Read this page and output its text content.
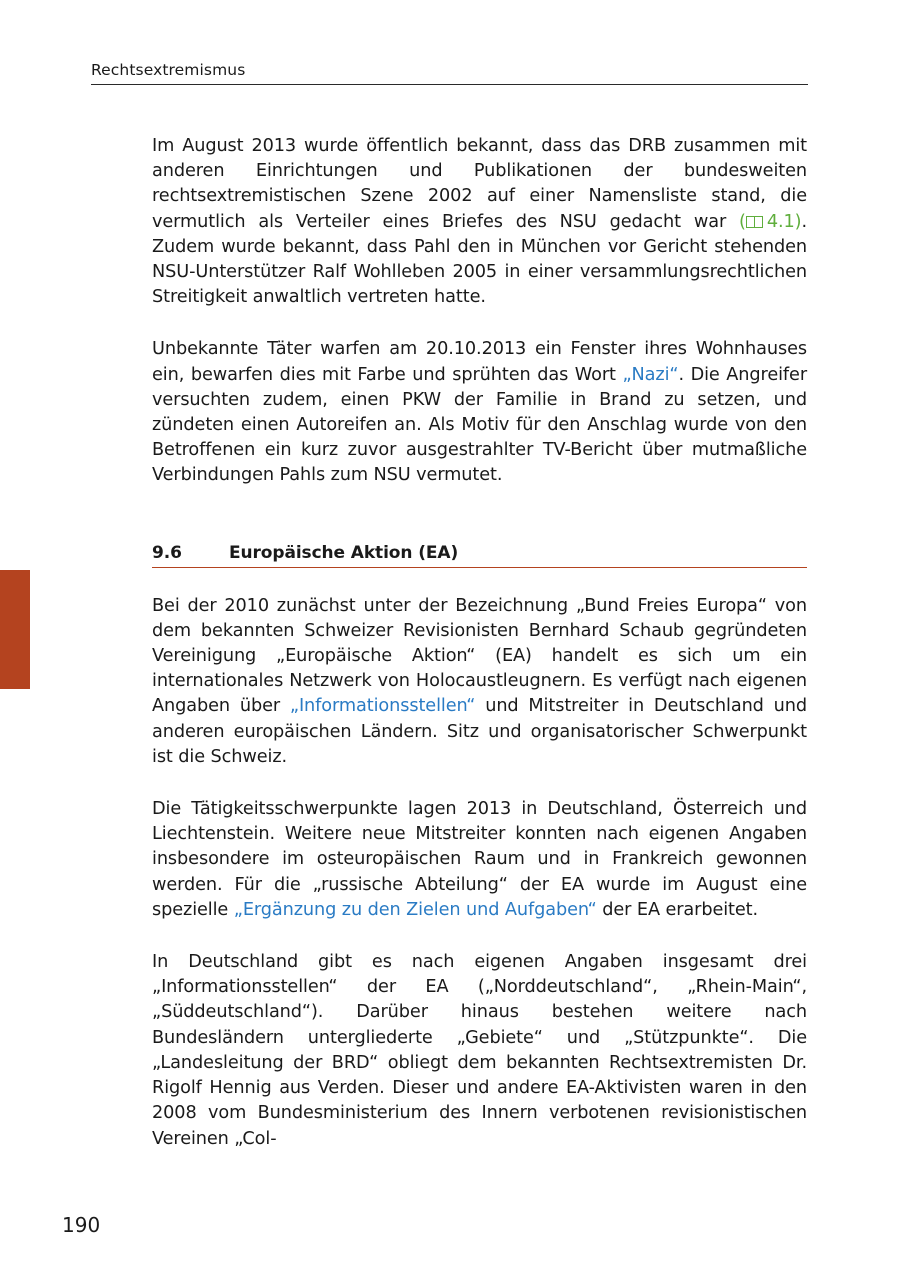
Rechtsextremismus

Im August 2013 wurde öffentlich bekannt, dass das DRB zusammen mit anderen Einrichtungen und Publikationen der bundesweiten rechtsextremistischen Szene 2002 auf einer Namensliste stand, die vermutlich als Verteiler eines Briefes des NSU gedacht war ( 4.1). Zudem wurde bekannt, dass Pahl den in München vor Gericht stehenden NSU-Unterstützer Ralf Wohlleben 2005 in einer versammlungsrechtlichen Streitigkeit anwaltlich vertreten hatte.

Unbekannte Täter warfen am 20.10.2013 ein Fenster ihres Wohnhauses ein, bewarfen dies mit Farbe und sprühten das Wort „Nazi“. Die Angreifer versuchten zudem, einen PKW der Familie in Brand zu setzen, und zündeten einen Autoreifen an. Als Motiv für den Anschlag wurde von den Betroffenen ein kurz zuvor ausgestrahlter TV-Bericht über mutmaßliche Verbindungen Pahls zum NSU vermutet.

9.6	Europäische Aktion (EA)

Bei der 2010 zunächst unter der Bezeichnung „Bund Freies Europa“ von dem bekannten Schweizer Revisionisten Bernhard Schaub gegründeten Vereinigung „Europäische Aktion“ (EA) handelt es sich um ein internationales Netzwerk von Holocaustleugnern. Es verfügt nach eigenen Angaben über „Informationsstellen“ und Mitstreiter in Deutschland und anderen europäischen Ländern. Sitz und organisatorischer Schwerpunkt ist die Schweiz.

Die Tätigkeitsschwerpunkte lagen 2013 in Deutschland, Österreich und Liechtenstein. Weitere neue Mitstreiter konnten nach eigenen Angaben insbesondere im osteuropäischen Raum und in Frankreich gewonnen werden. Für die „russische Abteilung“ der EA wurde im August eine spezielle „Ergänzung zu den Zielen und Aufgaben“ der EA erarbeitet.

In Deutschland gibt es nach eigenen Angaben insgesamt drei „Informationsstellen“ der EA („Norddeutschland“, „Rhein-Main“, „Süddeutschland“). Darüber hinaus bestehen weitere nach Bundesländern untergliederte „Gebiete“ und „Stützpunkte“. Die „Landesleitung der BRD“ obliegt dem bekannten Rechtsextremisten Dr. Rigolf Hennig aus Verden. Dieser und andere EA-Aktivisten waren in den 2008 vom Bundesministerium des Innern verbotenen revisionistischen Vereinen „Col-

190
